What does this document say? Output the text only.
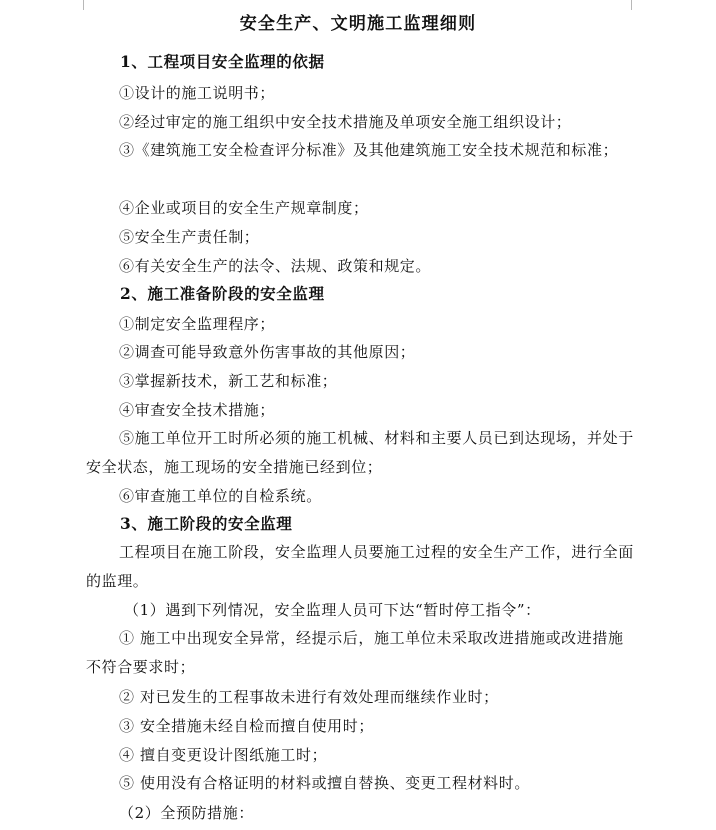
安全生产、文明施工监理细则
1、工程项目安全监理的依据
①设计的施工说明书；
②经过审定的施工组织中安全技术措施及单项安全施工组织设计；
③《建筑施工安全检查评分标准》及其他建筑施工安全技术规范和标准；
④企业或项目的安全生产规章制度；
⑤安全生产责任制；
⑥有关安全生产的法令、法规、政策和规定。
2、施工准备阶段的安全监理
①制定安全监理程序；
②调查可能导致意外伤害事故的其他原因；
③掌握新技术，新工艺和标准；
④审查安全技术措施；
⑤施工单位开工时所必须的施工机械、材料和主要人员已到达现场，并处于安全状态，施工现场的安全措施已经到位；
⑥审查施工单位的自检系统。
3、施工阶段的安全监理
工程项目在施工阶段，安全监理人员要施工过程的安全生产工作，进行全面的监理。
（1）遇到下列情况，安全监理人员可下达“暂时停工指令”：
① 施工中出现安全异常，经提示后，施工单位未采取改进措施或改进措施不符合要求时；
② 对已发生的工程事故未进行有效处理而继续作业时；
③ 安全措施未经自检而擅自使用时；
④ 擅自变更设计图纸施工时；
⑤ 使用没有合格证明的材料或擅自替换、变更工程材料时。
（2）全预防措施：
